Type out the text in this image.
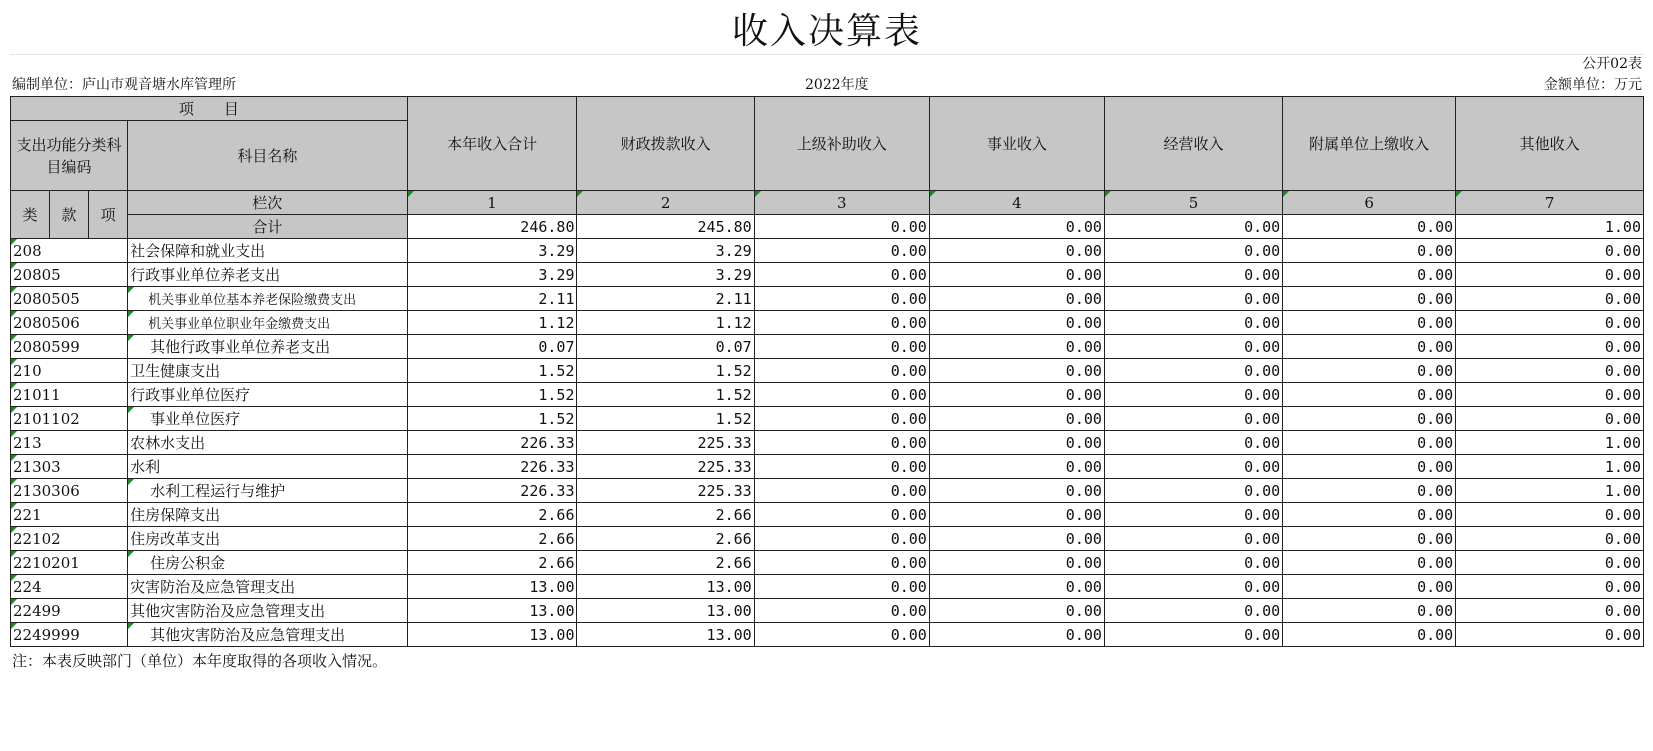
收入决算表
公开02表
编制单位：庐山市观音塘水库管理所	2022年度	金额单位：万元
项　　目				本年收入合计	财政拨款收入	上级补助收入	事业收入	经营收入	附属单位上缴收入	其他收入
支出功能分类科目编码			科目名称							
类	款	项	栏次	1	2	3	4	5	6	7
			合计	246.80	245.80	0.00	0.00	0.00	0.00	1.00
208			社会保障和就业支出	3.29	3.29	0.00	0.00	0.00	0.00	0.00
20805			行政事业单位养老支出	3.29	3.29	0.00	0.00	0.00	0.00	0.00
2080505			机关事业单位基本养老保险缴费支出	2.11	2.11	0.00	0.00	0.00	0.00	0.00
2080506			机关事业单位职业年金缴费支出	1.12	1.12	0.00	0.00	0.00	0.00	0.00
2080599			其他行政事业单位养老支出	0.07	0.07	0.00	0.00	0.00	0.00	0.00
210			卫生健康支出	1.52	1.52	0.00	0.00	0.00	0.00	0.00
21011			行政事业单位医疗	1.52	1.52	0.00	0.00	0.00	0.00	0.00
2101102			事业单位医疗	1.52	1.52	0.00	0.00	0.00	0.00	0.00
213			农林水支出	226.33	225.33	0.00	0.00	0.00	0.00	1.00
21303			水利	226.33	225.33	0.00	0.00	0.00	0.00	1.00
2130306			水利工程运行与维护	226.33	225.33	0.00	0.00	0.00	0.00	1.00
221			住房保障支出	2.66	2.66	0.00	0.00	0.00	0.00	0.00
22102			住房改革支出	2.66	2.66	0.00	0.00	0.00	0.00	0.00
2210201			住房公积金	2.66	2.66	0.00	0.00	0.00	0.00	0.00
224			灾害防治及应急管理支出	13.00	13.00	0.00	0.00	0.00	0.00	0.00
22499			其他灾害防治及应急管理支出	13.00	13.00	0.00	0.00	0.00	0.00	0.00
2249999			其他灾害防治及应急管理支出	13.00	13.00	0.00	0.00	0.00	0.00	0.00
注：本表反映部门（单位）本年度取得的各项收入情况。
